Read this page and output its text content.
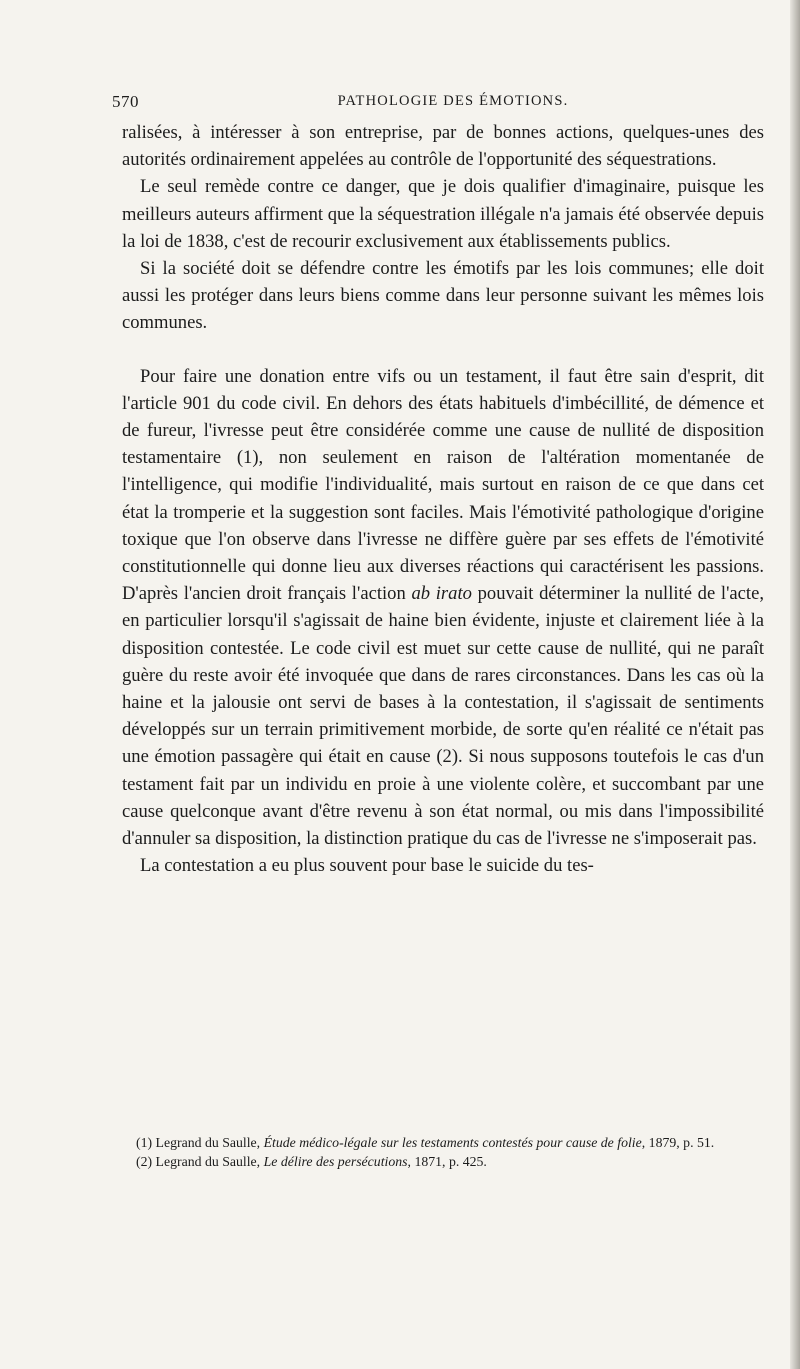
570	PATHOLOGIE DES ÉMOTIONS.

ralisées, à intéresser à son entreprise, par de bonnes actions, quelques-unes des autorités ordinairement appelées au contrôle de l'opportunité des séquestrations.

Le seul remède contre ce danger, que je dois qualifier d'imaginaire, puisque les meilleurs auteurs affirment que la séquestration illégale n'a jamais été observée depuis la loi de 1838, c'est de recourir exclusivement aux établissements publics.

Si la société doit se défendre contre les émotifs par les lois communes; elle doit aussi les protéger dans leurs biens comme dans leur personne suivant les mêmes lois communes.

Pour faire une donation entre vifs ou un testament, il faut être sain d'esprit, dit l'article 901 du code civil. En dehors des états habituels d'imbécillité, de démence et de fureur, l'ivresse peut être considérée comme une cause de nullité de disposition testamentaire (1), non seulement en raison de l'altération momentanée de l'intelligence, qui modifie l'individualité, mais surtout en raison de ce que dans cet état la tromperie et la suggestion sont faciles. Mais l'émotivité pathologique d'origine toxique que l'on observe dans l'ivresse ne diffère guère par ses effets de l'émotivité constitutionnelle qui donne lieu aux diverses réactions qui caractérisent les passions. D'après l'ancien droit français l'action ab irato pouvait déterminer la nullité de l'acte, en particulier lorsqu'il s'agissait de haine bien évidente, injuste et clairement liée à la disposition contestée. Le code civil est muet sur cette cause de nullité, qui ne paraît guère du reste avoir été invoquée que dans de rares circonstances. Dans les cas où la haine et la jalousie ont servi de bases à la contestation, il s'agissait de sentiments développés sur un terrain primitivement morbide, de sorte qu'en réalité ce n'était pas une émotion passagère qui était en cause (2). Si nous supposons toutefois le cas d'un testament fait par un individu en proie à une violente colère, et succombant par une cause quelconque avant d'être revenu à son état normal, ou mis dans l'impossibilité d'annuler sa disposition, la distinction pratique du cas de l'ivresse ne s'imposerait pas.

La contestation a eu plus souvent pour base le suicide du tes-

(1) Legrand du Saulle, Étude médico-légale sur les testaments contestés pour cause de folie, 1879, p. 51.

(2) Legrand du Saulle, Le délire des persécutions, 1871, p. 425.
